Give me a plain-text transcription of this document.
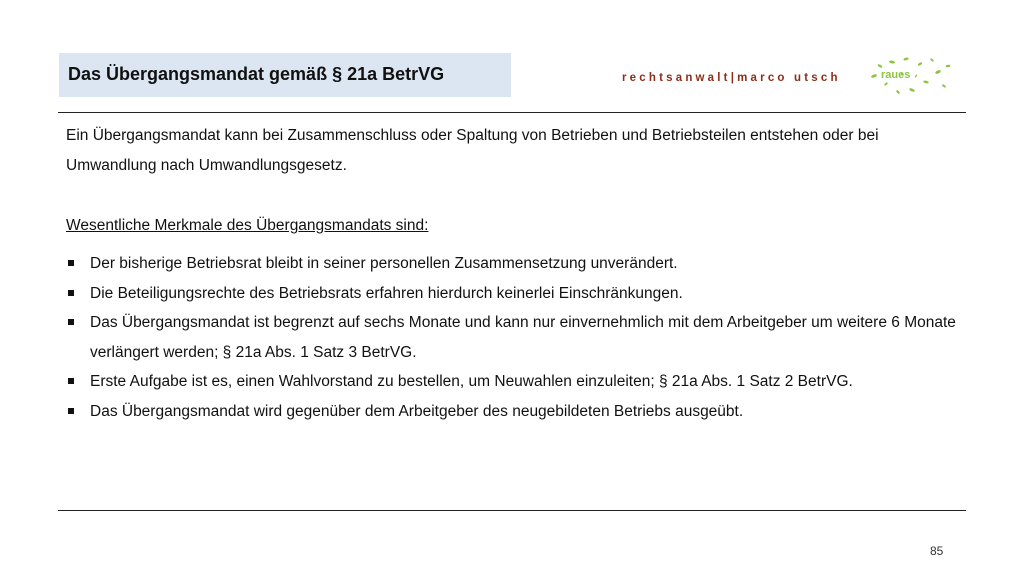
Das Übergangsmandat gemäß § 21a BetrVG	rechtsanwalt|marco utsch	raues

Ein Übergangsmandat kann bei Zusammenschluss oder Spaltung von Betrieben und Betriebsteilen entstehen oder bei Umwandlung nach Umwandlungsgesetz.

Wesentliche Merkmale des Übergangsmandats sind:

Der bisherige Betriebsrat bleibt in seiner personellen Zusammensetzung unverändert.
Die Beteiligungsrechte des Betriebsrats erfahren hierdurch keinerlei Einschränkungen.
Das Übergangsmandat ist begrenzt auf sechs Monate und kann nur einvernehmlich mit dem Arbeitgeber um weitere 6 Monate verlängert werden; § 21a Abs. 1 Satz 3 BetrVG.
Erste Aufgabe ist es, einen Wahlvorstand zu bestellen, um Neuwahlen einzuleiten; § 21a Abs. 1 Satz 2 BetrVG.
Das Übergangsmandat wird gegenüber dem Arbeitgeber des neugebildeten Betriebs ausgeübt.
85
